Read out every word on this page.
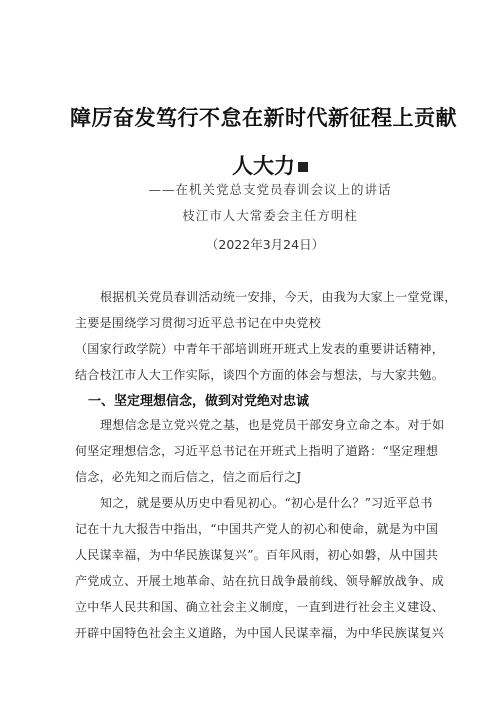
障厉奋发笃行不怠在新时代新征程上贡献
人大力
——在机关党总支党员春训会议上的讲话
枝江市人大常委会主任方明柱
（2022年3月24日）
根据机关党员春训活动统一安排，今天，由我为大家上一堂党课，
主要是围绕学习贯彻习近平总书记在中央党校
（国家行政学院）中青年干部培训班开班式上发表的重要讲话精神，
结合枝江市人大工作实际，谈四个方面的体会与想法，与大家共勉。
一、坚定理想信念，做到对党绝对忠诚
理想信念是立党兴党之基，也是党员干部安身立命之本。对于如
何坚定理想信念，习近平总书记在开班式上指明了道路：“坚定理想
信念，必先知之而后信之，信之而后行之J
知之，就是要从历史中看见初心。“初心是什么？”习近平总书
记在十九大报告中指出，“中国共产党人的初心和使命，就是为中国
人民谋幸福，为中华民族谋复兴”。百年风雨，初心如磐，从中国共
产党成立、开展土地革命、站在抗日战争最前线、领导解放战争、成
立中华人民共和国、确立社会主义制度，一直到进行社会主义建设、
开辟中国特色社会主义道路，为中国人民谋幸福，为中华民族谋复兴
